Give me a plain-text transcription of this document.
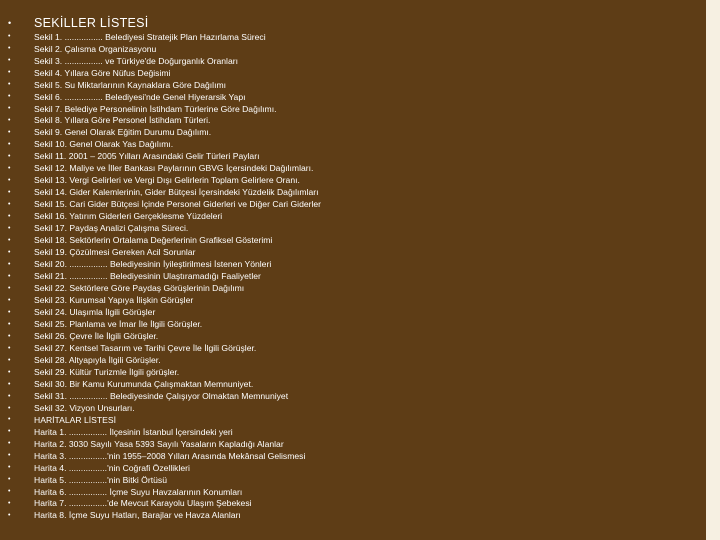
•	SEKİLLER LİSTESİ
•	Sekil 1. ................ Belediyesi Stratejik Plan Hazırlama Süreci
•	Sekil 2. Çalısma Organizasyonu
•	Sekil 3. ................ ve Türkiye'de Doğurganlık Oranları
•	Sekil 4. Yıllara Göre Nüfus Değisimi
•	Sekil 5. Su Miktarlarının Kaynaklara Göre Dağılımı
•	Sekil 6. ................ Belediyesi'nde Genel Hiyerarsik Yapı
•	Sekil 7. Belediye Personelinin İstihdam Türlerine Göre Dağılımı.
•	Sekil 8. Yıllara Göre Personel İstihdam Türleri.
•	Sekil 9. Genel Olarak Eğitim Durumu Dağılımı.
•	Sekil 10. Genel Olarak Yas Dağılımı.
•	Sekil 11. 2001 – 2005 Yılları Arasındaki Gelir Türleri Payları
•	Sekil 12. Maliye ve İller Bankası Paylarının GBVG İçersindeki Dağılımları.
•	Sekil 13. Vergi Gelirleri ve Vergi Dışı Gelirlerin Toplam Gelirlere Oranı.
•	Sekil 14. Gider Kalemlerinin, Gider Bütçesi İçersindeki Yüzdelik Dağılımları
•	Sekil 15. Cari Gider Bütçesi İçinde Personel Giderleri ve Diğer Cari Giderler
•	Sekil 16. Yatırım Giderleri Gerçeklesme Yüzdeleri
•	Sekil 17. Paydaş Analizi Çalışma Süreci.
•	Sekil 18. Sektörlerin Ortalama Değerlerinin Grafiksel Gösterimi
•	Sekil 19. Çözülmesi Gereken Acil Sorunlar
•	Sekil 20. ................ Belediyesinin İyileştirilmesi İstenen Yönleri
•	Sekil 21. ................ Belediyesinin Ulaştıramadığı Faaliyetler
•	Sekil 22. Sektörlere Göre Paydaş Görüşlerinin Dağılımı
•	Sekil 23. Kurumsal Yapıya İlişkin Görüşler
•	Sekil 24. Ulaşımla İlgili Görüşler
•	Sekil 25. Planlama ve İmar İle İlgili Görüşler.
•	Sekil 26. Çevre İle İlgili Görüşler.
•	Sekil 27. Kentsel Tasarım ve Tarihi Çevre İle İlgili Görüşler.
•	Sekil 28. Altyapıyla İlgili Görüşler.
•	Sekil 29. Kültür Turizmle İlgili görüşler.
•	Sekil 30. Bir Kamu Kurumunda Çalışmaktan Memnuniyet.
•	Sekil 31. ................ Belediyesinde Çalışıyor Olmaktan Memnuniyet
•	Sekil 32. Vizyon Unsurları.
•	HARİTALAR LİSTESİ
•	Harita 1. ................ İlçesinin İstanbul İçersindeki yeri
•	Harita 2. 3030 Sayılı Yasa 5393 Sayılı Yasaların Kapladığı Alanlar
•	Harita 3. ................'nin 1955–2008 Yılları Arasında Mekânsal Gelismesi
•	Harita 4. ................'nin Coğrafi Özellikleri
•	Harita 5. ................'nin Bitki Örtüsü
•	Harita 6. ................ İçme Suyu Havzalarının Konumları
•	Harita 7. ................'de Mevcut Karayolu Ulaşım Şebekesi
•	Harita 8. İçme Suyu Hatları, Barajlar ve Havza Alanları
